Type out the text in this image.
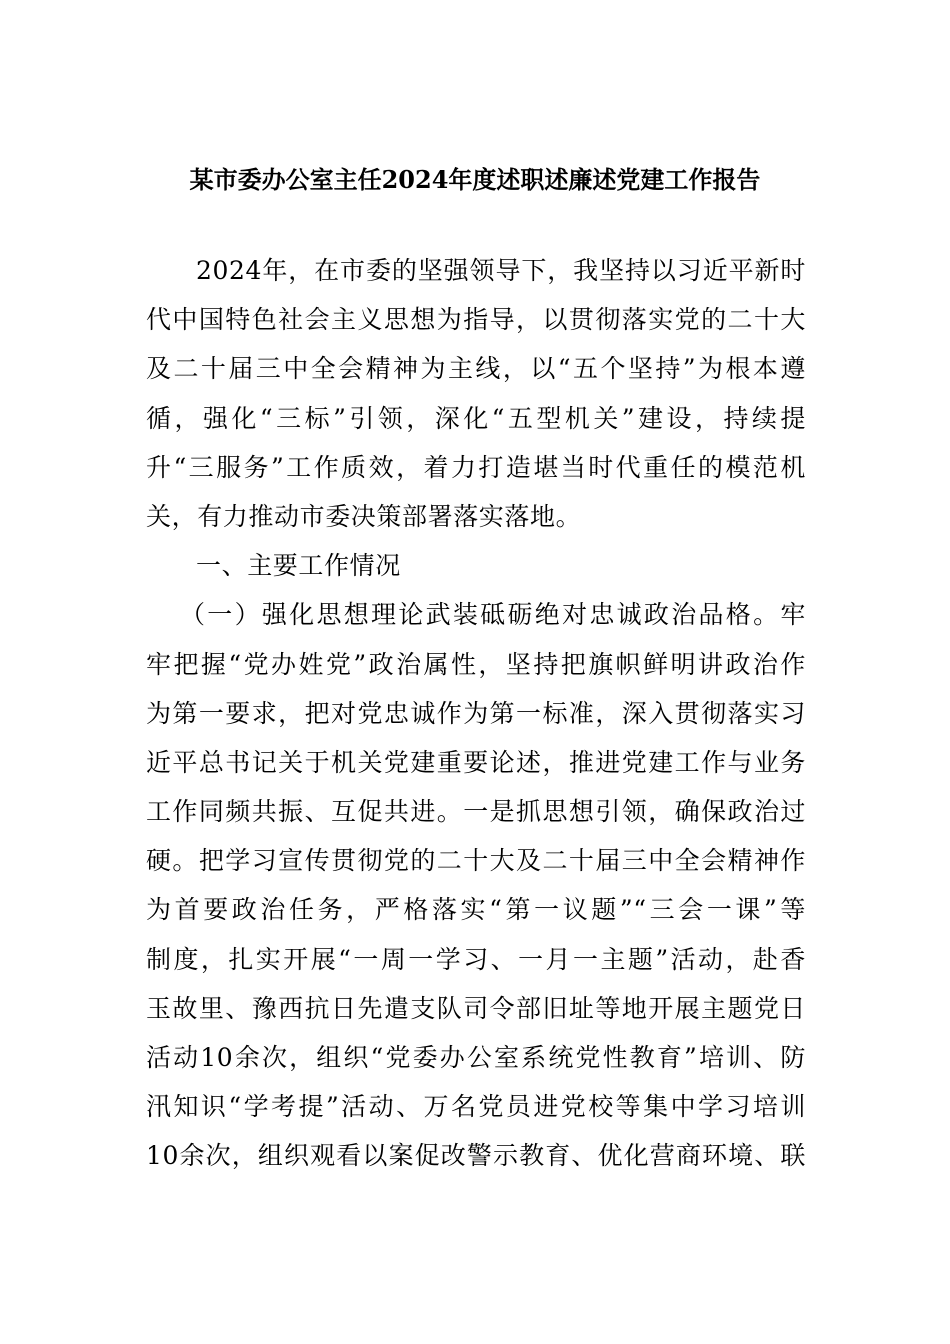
某市委办公室主任2024年度述职述廉述党建工作报告
2024年，在市委的坚强领导下，我坚持以习近平新时
代中国特色社会主义思想为指导，以贯彻落实党的二十大
及二十届三中全会精神为主线，以“五个坚持”为根本遵
循，强化“三标”引领，深化“五型机关”建设，持续提
升“三服务”工作质效，着力打造堪当时代重任的模范机
关，有力推动市委决策部署落实落地。
一、主要工作情况
（一）强化思想理论武装砥砺绝对忠诚政治品格。牢
牢把握“党办姓党”政治属性，坚持把旗帜鲜明讲政治作
为第一要求，把对党忠诚作为第一标准，深入贯彻落实习
近平总书记关于机关党建重要论述，推进党建工作与业务
工作同频共振、互促共进。一是抓思想引领，确保政治过
硬。把学习宣传贯彻党的二十大及二十届三中全会精神作
为首要政治任务，严格落实“第一议题”“三会一课”等
制度，扎实开展“一周一学习、一月一主题”活动，赴香
玉故里、豫西抗日先遣支队司令部旧址等地开展主题党日
活动10余次，组织“党委办公室系统党性教育”培训、防
汛知识“学考提”活动、万名党员进党校等集中学习培训
10余次，组织观看以案促改警示教育、优化营商环境、联
